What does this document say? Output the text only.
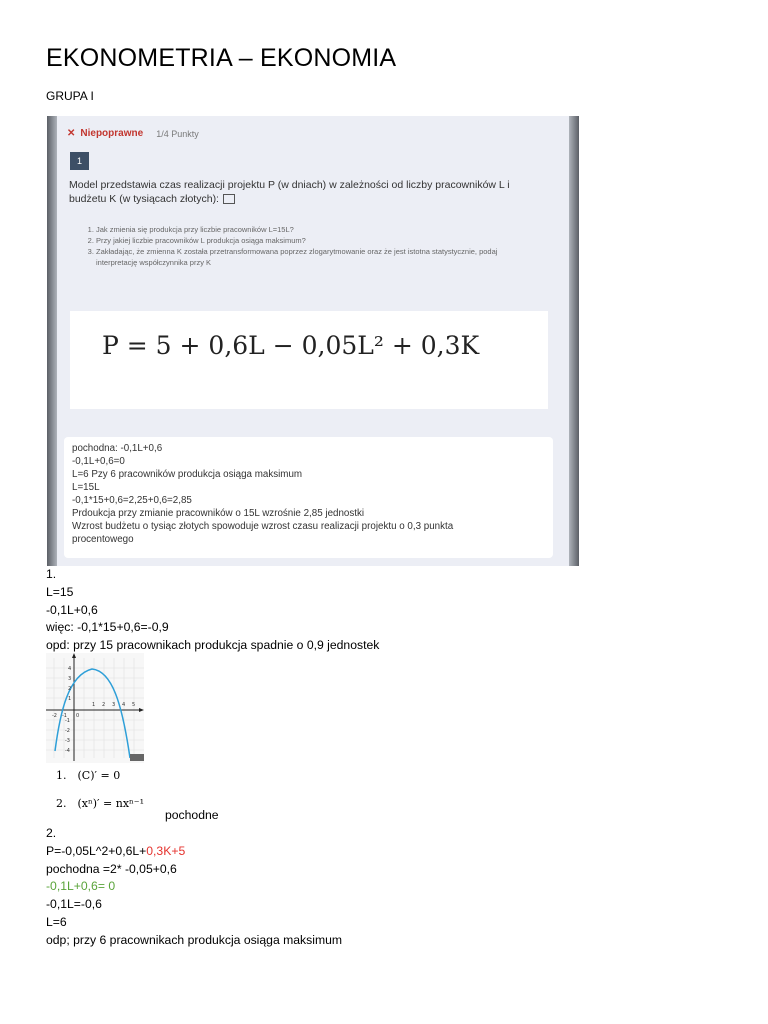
EKONOMETRIA – EKONOMIA
GRUPA I
✕ Niepoprawne 1/4 Punkty
1
Model przedstawia czas realizacji projektu P (w dniach) w zależności od liczby pracowników L i budżetu K (w tysiącach złotych):
1. Jak zmienia się produkcja przy liczbie pracowników L=15L?
2. Przy jakiej liczbie pracowników L produkcja osiąga maksimum?
3. Zakładając, że zmienna K została przetransformowana poprzez zlogarytmowanie oraz że jest istotna statystycznie, podaj interpretację współczynnika przy K
P = 5 + 0,6L − 0,05L² + 0,3K
pochodna: -0,1L+0,6
-0,1L+0,6=0
L=6 Pzy 6 pracowników produkcja osiąga maksimum
L=15L
-0,1*15+0,6=2,25+0,6=2,85
Prdoukcja przy zmianie pracowników o 15L wzrośnie 2,85 jednostki
Wzrost budżetu o tysiąc złotych spowoduje wzrost czasu realizacji projektu o 0,3 punkta
procentowego
1.
L=15
-0,1L+0,6
więc: -0,1*15+0,6=-0,9
opd: przy 15 pracownikach produkcja spadnie o 0,9 jednostek
-2 -1 0
1 2 3 4 5
4
3
2
1
-1
-2
-3
-4
1. (C)′ = 0
2. (xⁿ)′ = nxⁿ⁻¹
pochodne
2.
P=-0,05L^2+0,6L+0,3K+5
pochodna =2* -0,05+0,6
-0,1L+0,6= 0
-0,1L=-0,6
L=6
odp; przy 6 pracownikach produkcja osiąga maksimum
